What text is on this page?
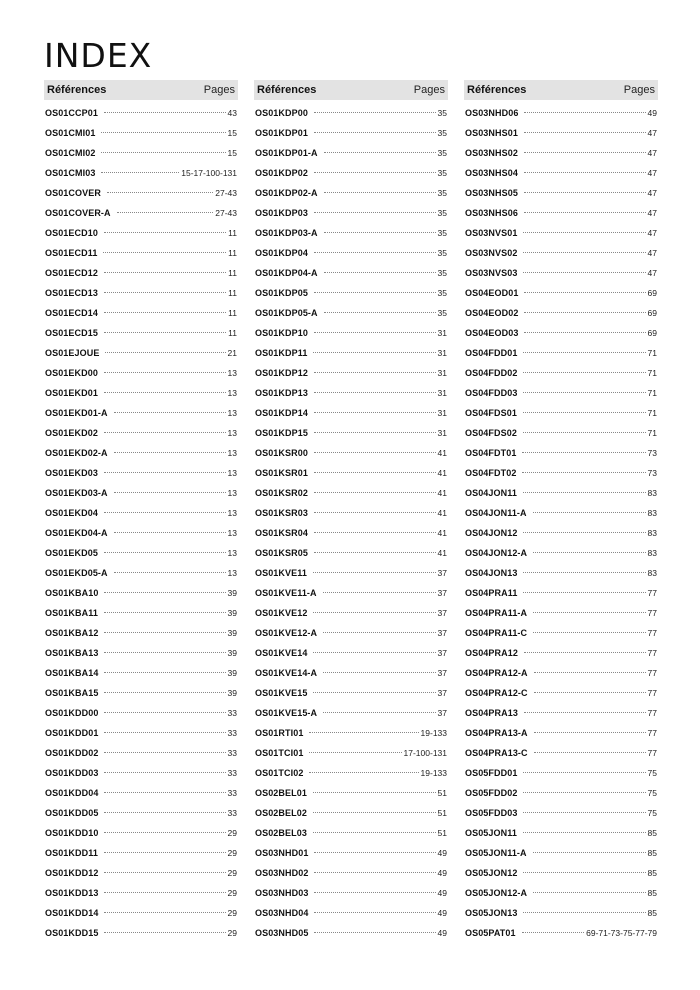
INDEX
Références	Pages
OS01CCP01	43
OS01CMI01	15
OS01CMI02	15
OS01CMI03	15-17-100-131
OS01COVER	27-43
OS01COVER-A	27-43
OS01ECD10	11
OS01ECD11	11
OS01ECD12	11
OS01ECD13	11
OS01ECD14	11
OS01ECD15	11
OS01EJOUE	21
OS01EKD00	13
OS01EKD01	13
OS01EKD01-A	13
OS01EKD02	13
OS01EKD02-A	13
OS01EKD03	13
OS01EKD03-A	13
OS01EKD04	13
OS01EKD04-A	13
OS01EKD05	13
OS01EKD05-A	13
OS01KBA10	39
OS01KBA11	39
OS01KBA12	39
OS01KBA13	39
OS01KBA14	39
OS01KBA15	39
OS01KDD00	33
OS01KDD01	33
OS01KDD02	33
OS01KDD03	33
OS01KDD04	33
OS01KDD05	33
OS01KDD10	29
OS01KDD11	29
OS01KDD12	29
OS01KDD13	29
OS01KDD14	29
OS01KDD15	29
Références	Pages
OS01KDP00	35
OS01KDP01	35
OS01KDP01-A	35
OS01KDP02	35
OS01KDP02-A	35
OS01KDP03	35
OS01KDP03-A	35
OS01KDP04	35
OS01KDP04-A	35
OS01KDP05	35
OS01KDP05-A	35
OS01KDP10	31
OS01KDP11	31
OS01KDP12	31
OS01KDP13	31
OS01KDP14	31
OS01KDP15	31
OS01KSR00	41
OS01KSR01	41
OS01KSR02	41
OS01KSR03	41
OS01KSR04	41
OS01KSR05	41
OS01KVE11	37
OS01KVE11-A	37
OS01KVE12	37
OS01KVE12-A	37
OS01KVE14	37
OS01KVE14-A	37
OS01KVE15	37
OS01KVE15-A	37
OS01RTI01	19-133
OS01TCI01	17-100-131
OS01TCI02	19-133
OS02BEL01	51
OS02BEL02	51
OS02BEL03	51
OS03NHD01	49
OS03NHD02	49
OS03NHD03	49
OS03NHD04	49
OS03NHD05	49
Références	Pages
OS03NHD06	49
OS03NHS01	47
OS03NHS02	47
OS03NHS04	47
OS03NHS05	47
OS03NHS06	47
OS03NVS01	47
OS03NVS02	47
OS03NVS03	47
OS04EOD01	69
OS04EOD02	69
OS04EOD03	69
OS04FDD01	71
OS04FDD02	71
OS04FDD03	71
OS04FDS01	71
OS04FDS02	71
OS04FDT01	73
OS04FDT02	73
OS04JON11	83
OS04JON11-A	83
OS04JON12	83
OS04JON12-A	83
OS04JON13	83
OS04PRA11	77
OS04PRA11-A	77
OS04PRA11-C	77
OS04PRA12	77
OS04PRA12-A	77
OS04PRA12-C	77
OS04PRA13	77
OS04PRA13-A	77
OS04PRA13-C	77
OS05FDD01	75
OS05FDD02	75
OS05FDD03	75
OS05JON11	85
OS05JON11-A	85
OS05JON12	85
OS05JON12-A	85
OS05JON13	85
OS05PAT01	69-71-73-75-77-79
